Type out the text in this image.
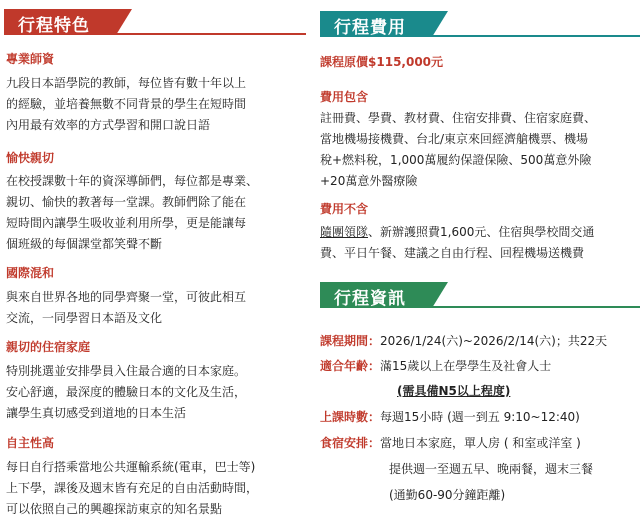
行程特色
專業師資
九段日本語學院的教師，每位皆有數十年以上
的經驗，並培養無數不同背景的學生在短時間
內用最有效率的方式學習和開口說日語
愉快親切
在校授課數十年的資深導師們，每位都是專業、
親切、愉快的教著每一堂課。教師們除了能在
短時間內讓學生吸收並利用所學，更是能讓每
個班級的每個課堂都笑聲不斷
國際混和
與來自世界各地的同學齊聚一堂，可彼此相互
交流，一同學習日本語及文化
親切的住宿家庭
特別挑選並安排學員入住最合適的日本家庭。
安心舒適，最深度的體驗日本的文化及生活，
讓學生真切感受到道地的日本生活
自主性高
每日自行搭乘當地公共運輸系統(電車，巴士等)
上下學，課後及週末皆有充足的自由活動時間，
可以依照自己的興趣探訪東京的知名景點
行程費用
課程原價$115,000元
費用包含
註冊費、學費、教材費、住宿安排費、住宿家庭費、
當地機場接機費、台北/東京來回經濟艙機票、機場
稅+燃料稅，1,000萬履約保證保險、500萬意外險
+20萬意外醫療險
費用不含
隨團領隊、新辦護照費1,600元、住宿與學校間交通
費、平日午餐、建議之自由行程、回程機場送機費
行程資訊
課程期間：2026/1/24(六)~2026/2/14(六)；共22天
適合年齡：滿15歲以上在學學生及社會人士
(需具備N5以上程度)
上課時數：每週15小時 (週一到五 9:10~12:40)
食宿安排：當地日本家庭，單人房 ( 和室或洋室 )
提供週一至週五早、晚兩餐，週末三餐
(通勤60-90分鐘距離)
